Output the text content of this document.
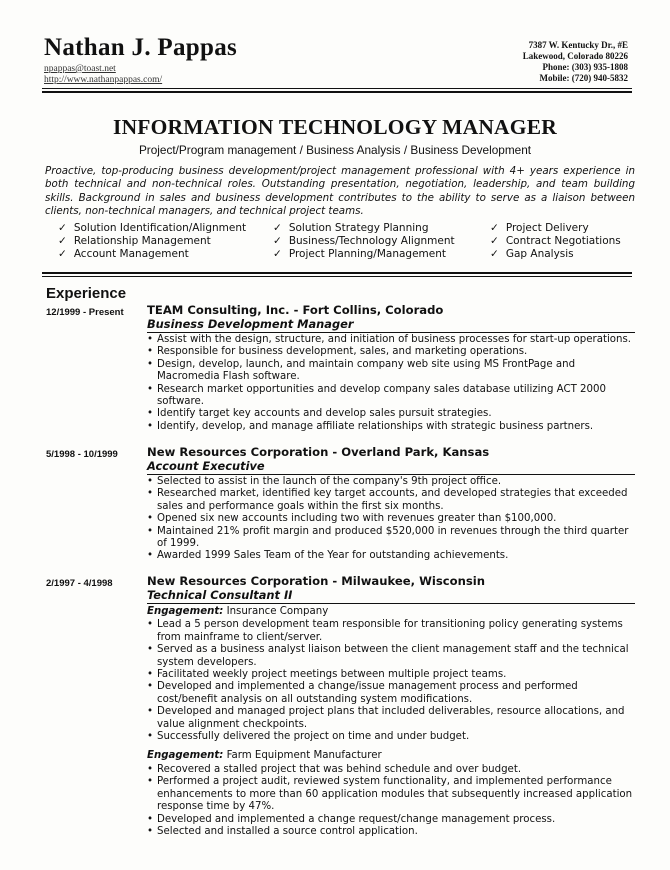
Nathan J. Pappas
npappas@toast.net
http://www.nathanpappas.com/
7387 W. Kentucky Dr., #E
Lakewood, Colorado 80226
Phone: (303) 935-1808
Mobile: (720) 940-5832
INFORMATION TECHNOLOGY MANAGER
Project/Program management / Business Analysis / Business Development
Proactive, top-producing business development/project management professional with 4+ years experience in both technical and non-technical roles. Outstanding presentation, negotiation, leadership, and team building skills. Background in sales and business development contributes to the ability to serve as a liaison between clients, non-technical managers, and technical project teams.
✓ Solution Identification/Alignment
✓ Relationship Management
✓ Account Management
✓ Solution Strategy Planning
✓ Business/Technology Alignment
✓ Project Planning/Management
✓ Project Delivery
✓ Contract Negotiations
✓ Gap Analysis
Experience
12/1999 - Present TEAM Consulting, Inc. - Fort Collins, Colorado
Business Development Manager
• Assist with the design, structure, and initiation of business processes for start-up operations.
• Responsible for business development, sales, and marketing operations.
• Design, develop, launch, and maintain company web site using MS FrontPage and Macromedia Flash software.
• Research market opportunities and develop company sales database utilizing ACT 2000 software.
• Identify target key accounts and develop sales pursuit strategies.
• Identify, develop, and manage affiliate relationships with strategic business partners.
5/1998 - 10/1999	New Resources Corporation - Overland Park, Kansas
Account Executive
• Selected to assist in the launch of the company's 9th project office.
• Researched market, identified key target accounts, and developed strategies that exceeded sales and performance goals within the first six months.
• Opened six new accounts including two with revenues greater than $100,000.
• Maintained 21% profit margin and produced $520,000 in revenues through the third quarter of 1999.
• Awarded 1999 Sales Team of the Year for outstanding achievements.
2/1997 - 4/1998	New Resources Corporation - Milwaukee, Wisconsin
Technical Consultant II
Engagement: Insurance Company
• Lead a 5 person development team responsible for transitioning policy generating systems from mainframe to client/server.
• Served as a business analyst liaison between the client management staff and the technical system developers.
• Facilitated weekly project meetings between multiple project teams.
• Developed and implemented a change/issue management process and performed cost/benefit analysis on all outstanding system modifications.
• Developed and managed project plans that included deliverables, resource allocations, and value alignment checkpoints.
• Successfully delivered the project on time and under budget.
Engagement: Farm Equipment Manufacturer
• Recovered a stalled project that was behind schedule and over budget.
• Performed a project audit, reviewed system functionality, and implemented performance enhancements to more than 60 application modules that subsequently increased application response time by 47%.
• Developed and implemented a change request/change management process.
• Selected and installed a source control application.
